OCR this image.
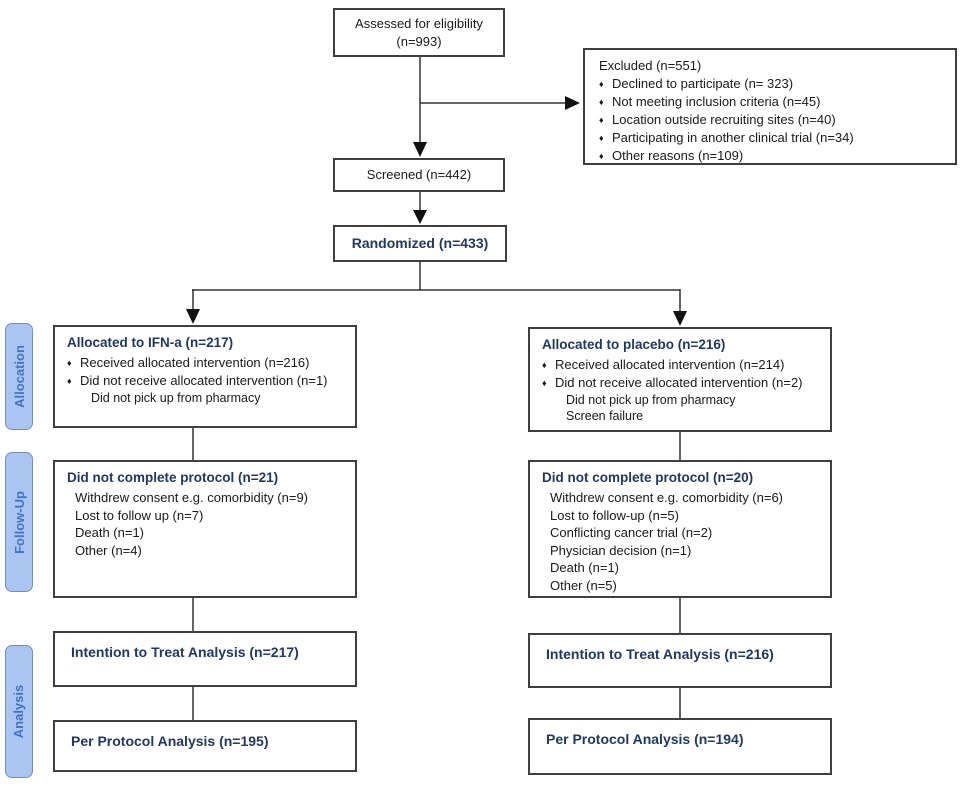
Assessed for eligibility
(n=993)
Excluded (n=551)
♦ Declined to participate (n= 323)
♦ Not meeting inclusion criteria (n=45)
♦ Location outside recruiting sites (n=40)
♦ Participating in another clinical trial (n=34)
♦ Other reasons (n=109)
Screened (n=442)
Randomized (n=433)
Allocation
Follow-Up
Analysis
Allocated to IFN-a (n=217)
♦ Received allocated intervention (n=216)
♦ Did not receive allocated intervention (n=1)
Did not pick up from pharmacy
Did not complete protocol (n=21)
Withdrew consent e.g. comorbidity (n=9)
Lost to follow up (n=7)
Death (n=1)
Other (n=4)
Intention to Treat Analysis (n=217)
Per Protocol Analysis (n=195)
Allocated to placebo (n=216)
♦ Received allocated intervention (n=214)
♦ Did not receive allocated intervention (n=2)
Did not pick up from pharmacy
Screen failure
Did not complete protocol (n=20)
Withdrew consent e.g. comorbidity (n=6)
Lost to follow-up (n=5)
Conflicting cancer trial (n=2)
Physician decision (n=1)
Death (n=1)
Other (n=5)
Intention to Treat Analysis (n=216)
Per Protocol Analysis (n=194)
